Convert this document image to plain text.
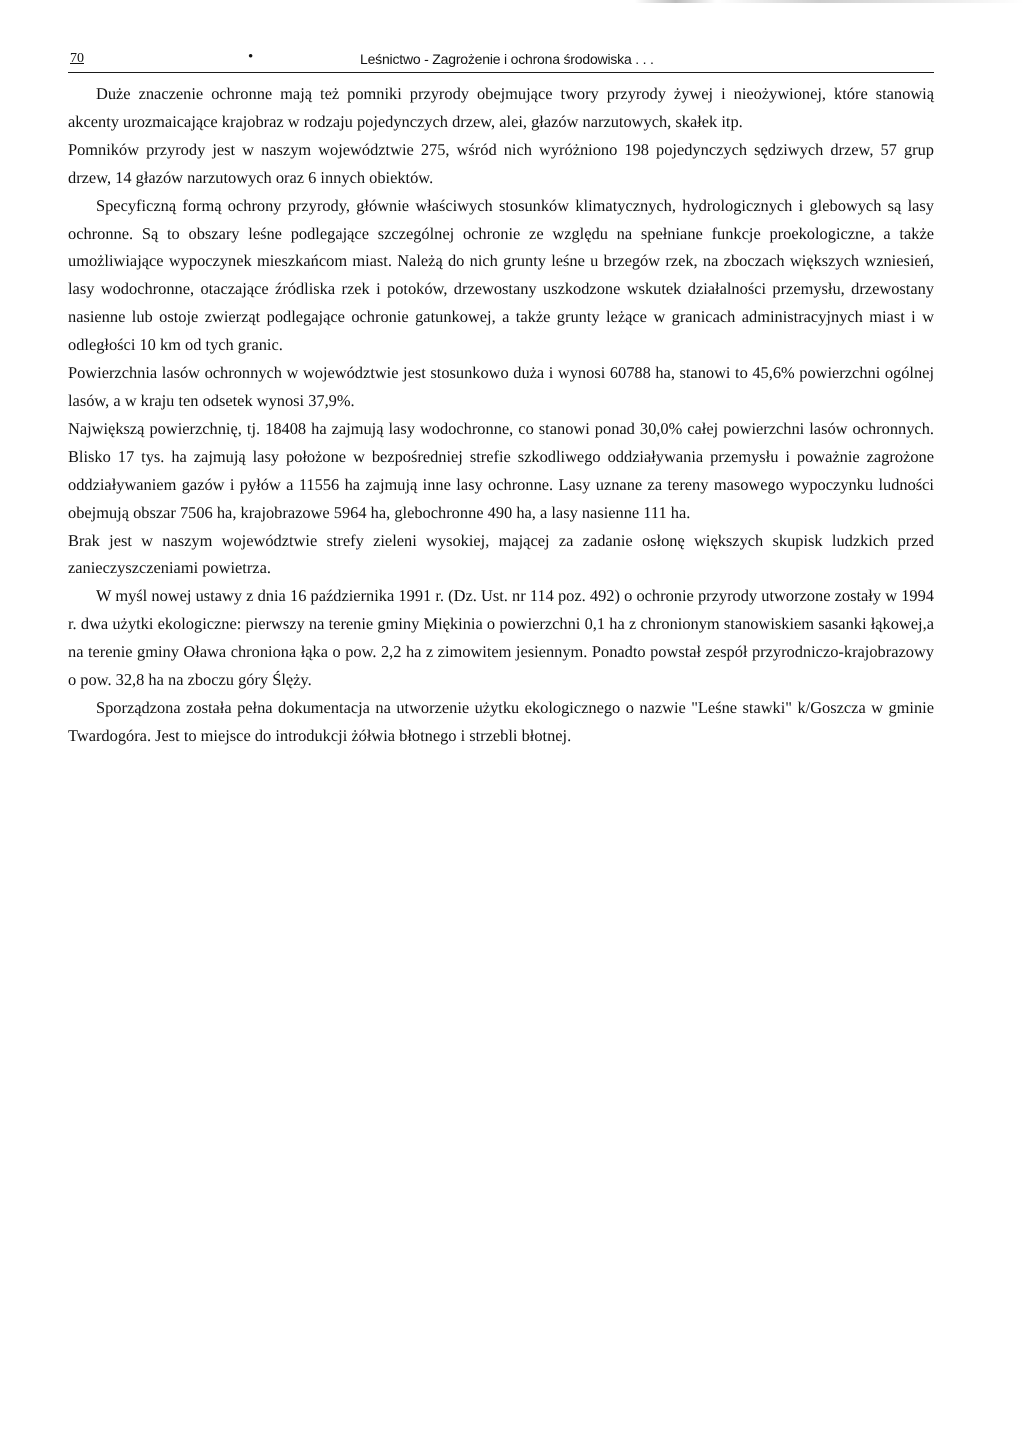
70	•	Leśnictwo - Zagrożenie i ochrona środowiska . . .

Duże znaczenie ochronne mają też pomniki przyrody obejmujące twory przyrody żywej i nieożywionej, które stanowią akcenty urozmaicające krajobraz w rodzaju pojedynczych drzew, alei, głazów narzutowych, skałek itp.

Pomników przyrody jest w naszym województwie 275, wśród nich wyróżniono 198 pojedynczych sędziwych drzew, 57 grup drzew, 14 głazów narzutowych oraz 6 innych obiektów.

Specyficzną formą ochrony przyrody, głównie właściwych stosunków klimatycznych, hydrologicznych i glebowych są lasy ochronne. Są to obszary leśne podlegające szczególnej ochronie ze względu na spełniane funkcje proekologiczne, a także umożliwiające wypoczynek mieszkańcom miast. Należą do nich grunty leśne u brzegów rzek, na zboczach większych wzniesień, lasy wodochronne, otaczające źródliska rzek i potoków, drzewostany uszkodzone wskutek działalności przemysłu, drzewostany nasienne lub ostoje zwierząt podlegające ochronie gatunkowej, a także grunty leżące w granicach administracyjnych miast i w odległości 10 km od tych granic.

Powierzchnia lasów ochronnych w województwie jest stosunkowo duża i wynosi 60788 ha, stanowi to 45,6% powierzchni ogólnej lasów, a w kraju ten odsetek wynosi 37,9%.

Największą powierzchnię, tj. 18408 ha zajmują lasy wodochronne, co stanowi ponad 30,0% całej powierzchni lasów ochronnych. Blisko 17 tys. ha zajmują lasy położone w bezpośredniej strefie szkodliwego oddziaływania przemysłu i poważnie zagrożone oddziaływaniem gazów i pyłów a 11556 ha zajmują inne lasy ochronne. Lasy uznane za tereny masowego wypoczynku ludności obejmują obszar 7506 ha, krajobrazowe 5964 ha, glebochronne 490 ha, a lasy nasienne 111 ha.

Brak jest w naszym województwie strefy zieleni wysokiej, mającej za zadanie osłonę większych skupisk ludzkich przed zanieczyszczeniami powietrza.

W myśl nowej ustawy z dnia 16 października 1991 r. (Dz. Ust. nr 114 poz. 492) o ochronie przyrody utworzone zostały w 1994 r. dwa użytki ekologiczne: pierwszy na terenie gminy Miękinia o powierzchni 0,1 ha z chronionym stanowiskiem sasanki łąkowej,a na terenie gminy Oława chroniona łąka o pow. 2,2 ha z zimowitem jesiennym. Ponadto powstał zespół przyrodniczo-krajobrazowy o pow. 32,8 ha na zboczu góry Ślęży.

Sporządzona została pełna dokumentacja na utworzenie użytku ekologicznego o nazwie "Leśne stawki" k/Goszcza w gminie Twardogóra. Jest to miejsce do introdukcji żółwia błotnego i strzebli błotnej.
